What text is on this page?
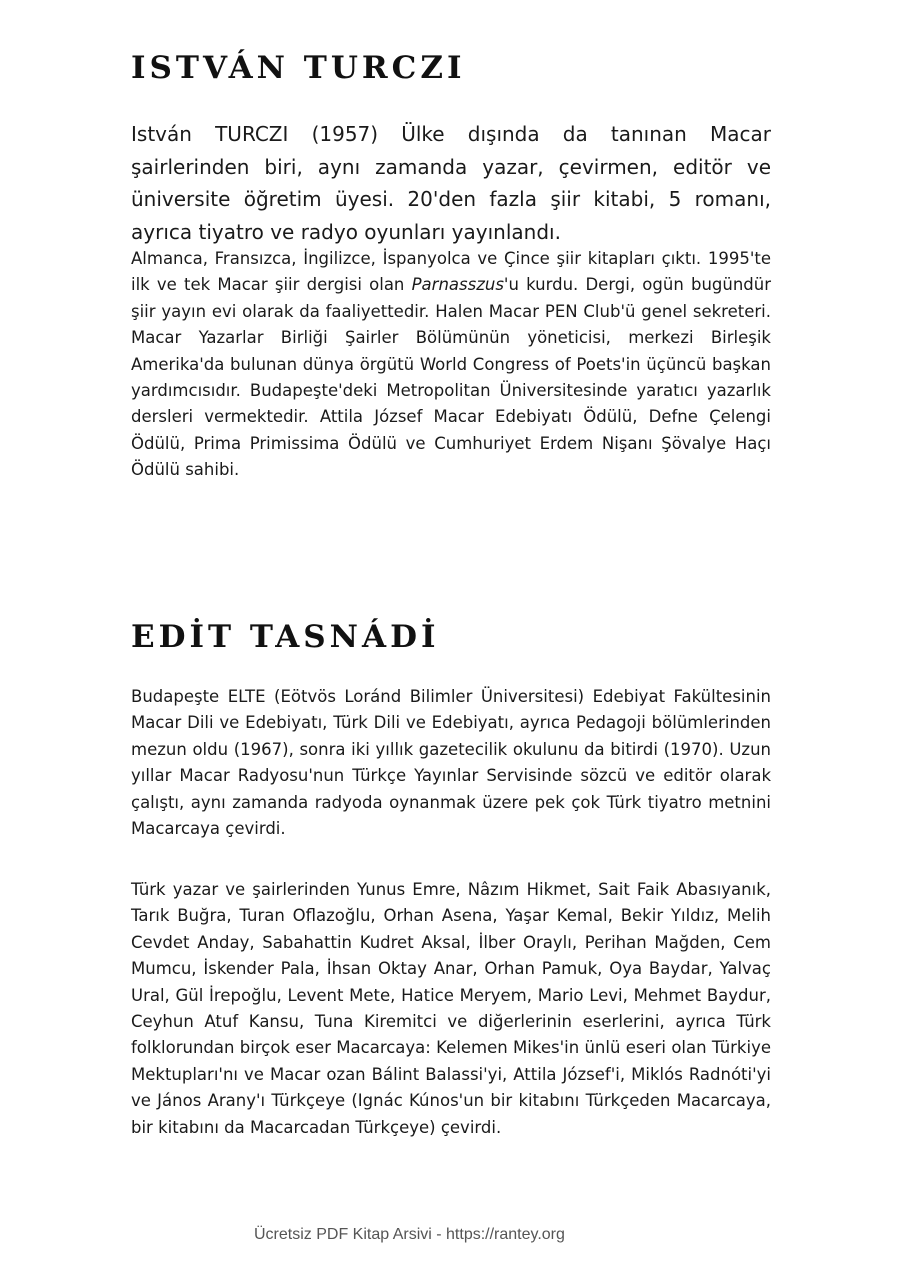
ISTVÁN TURCZI

István TURCZI (1957) Ülke dışında da tanınan Macar şairlerinden biri, aynı zamanda yazar, çevirmen, editör ve üniversite öğretim üyesi. 20'den fazla şiir kitabi, 5 romanı, ayrıca tiyatro ve radyo oyunları yayınlandı.

Almanca, Fransızca, İngilizce, İspanyolca ve Çince şiir kitapları çıktı. 1995'te ilk ve tek Macar şiir dergisi olan Parnasszus'u kurdu. Dergi, ogün bugündür şiir yayın evi olarak da faaliyettedir. Halen Macar PEN Club'ü genel sekreteri. Macar Yazarlar Birliği Şairler Bölümünün yöneticisi, merkezi Birleşik Amerika'da bulunan dünya örgütü World Congress of Poets'in üçüncü başkan yardımcısıdır. Budapeşte'deki Metropolitan Üniversitesinde yaratıcı yazarlık dersleri vermektedir. Attila József Macar Edebiyatı Ödülü, Defne Çelengi Ödülü, Prima Primissima Ödülü ve Cumhuriyet Erdem Nişanı Şövalye Haçı Ödülü sahibi.

EDİT TASNÁDİ

Budapeşte ELTE (Eötvös Loránd Bilimler Üniversitesi) Edebiyat Fakültesinin Macar Dili ve Edebiyatı, Türk Dili ve Edebiyatı, ayrıca Pedagoji bölümlerinden mezun oldu (1967), sonra iki yıllık gazetecilik okulunu da bitirdi (1970). Uzun yıllar Macar Radyosu'nun Türkçe Yayınlar Servisinde sözcü ve editör olarak çalıştı, aynı zamanda radyoda oynanmak üzere pek çok Türk tiyatro metnini Macarcaya çevirdi.

Türk yazar ve şairlerinden Yunus Emre, Nâzım Hikmet, Sait Faik Abasıyanık, Tarık Buğra, Turan Oflazoğlu, Orhan Asena, Yaşar Kemal, Bekir Yıldız, Melih Cevdet Anday, Sabahattin Kudret Aksal, İlber Oraylı, Perihan Mağden, Cem Mumcu, İskender Pala, İhsan Oktay Anar, Orhan Pamuk, Oya Baydar, Yalvaç Ural, Gül İrepoğlu, Levent Mete, Hatice Meryem, Mario Levi, Mehmet Baydur, Ceyhun Atuf Kansu, Tuna Kiremitci ve diğerlerinin eserlerini, ayrıca Türk folklorundan birçok eser Macarcaya: Kelemen Mikes'in ünlü eseri olan Türkiye Mektupları'nı ve Macar ozan Bálint Balassi'yi, Attila József'i, Miklós Radnóti'yi ve János Arany'ı Türkçeye (Ignác Kúnos'un bir kitabını Türkçeden Macarcaya, bir kitabını da Macarcadan Türkçeye) çevirdi.

Ücretsiz PDF Kitap Arsivi - https://rantey.org
